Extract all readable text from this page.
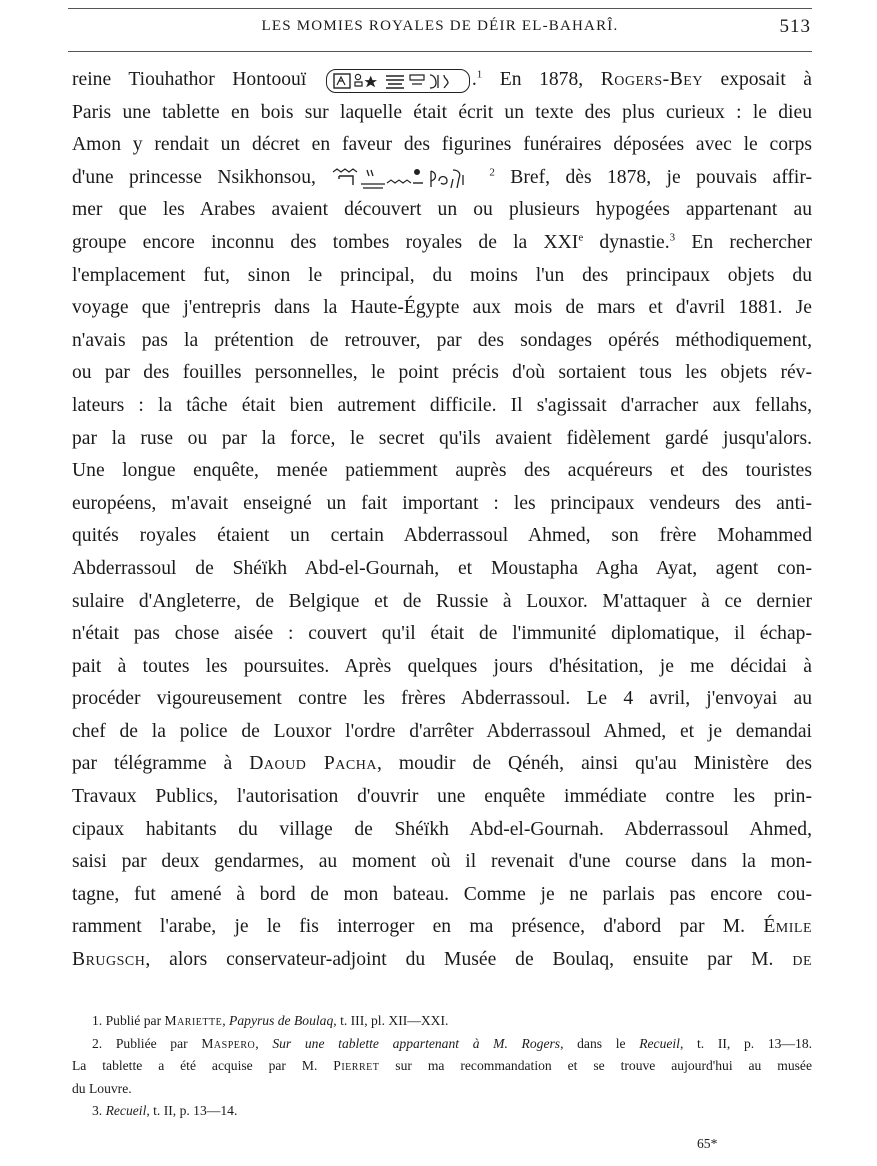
LES MOMIES ROYALES DE DÉIR EL-BAHARÎ.	513
reine Tiouhathor Hontoouï	.$^1$ En 1878, Rogers-Bey exposait à
Paris une tablette en bois sur laquelle était écrit un texte des plus curieux : le dieu
Amon y rendait un décret en faveur des figurines funéraires déposées avec le corps
d'une princesse Nsikhonsou,	$^2$ Bref, dès 1878, je pouvais affir-
mer que les Arabes avaient découvert un ou plusieurs hypogées appartenant au
groupe encore inconnu des tombes royales de la XXIe dynastie.$^3$ En rechercher
l'emplacement fut, sinon le principal, du moins l'un des principaux objets du
voyage que j'entrepris dans la Haute-Égypte aux mois de mars et d'avril 1881. Je
n'avais pas la prétention de retrouver, par des sondages opérés méthodiquement,
ou par des fouilles personnelles, le point précis d'où sortaient tous les objets rév-
lateurs : la tâche était bien autrement difficile. Il s'agissait d'arracher aux fellahs,
par la ruse ou par la force, le secret qu'ils avaient fidèlement gardé jusqu'alors.
Une longue enquête, menée patiemment auprès des acquéreurs et des touristes
européens, m'avait enseigné un fait important : les principaux vendeurs des anti-
quités royales étaient un certain Abderrassoul Ahmed, son frère Mohammed
Abderrassoul de Shéïkh Abd-el-Gournah, et Moustapha Agha Ayat, agent con-
sulaire d'Angleterre, de Belgique et de Russie à Louxor. M'attaquer à ce dernier
n'était pas chose aisée : couvert qu'il était de l'immunité diplomatique, il échap-
pait à toutes les poursuites. Après quelques jours d'hésitation, je me décidai à
procéder vigoureusement contre les frères Abderrassoul. Le 4 avril, j'envoyai au
chef de la police de Louxor l'ordre d'arrêter Abderrassoul Ahmed, et je demandai
par télégramme à Daoud Pacha, moudir de Qénéh, ainsi qu'au Ministère des
Travaux Publics, l'autorisation d'ouvrir une enquête immédiate contre les prin-
cipaux habitants du village de Shéïkh Abd-el-Gournah. Abderrassoul Ahmed,
saisi par deux gendarmes, au moment où il revenait d'une course dans la mon-
tagne, fut amené à bord de mon bateau. Comme je ne parlais pas encore cou-
ramment l'arabe, je le fis interroger en ma présence, d'abord par M. Émile
Brugsch, alors conservateur-adjoint du Musée de Boulaq, ensuite par M. de
1. Publié par Mariette, Papyrus de Boulaq, t. III, pl. XII—XXI.
2. Publiée par Maspero, Sur une tablette appartenant à M. Rogers, dans le Recueil, t. II, p. 13—18.
La tablette a été acquise par M. Pierret sur ma recommandation et se trouve aujourd'hui au musée
du Louvre.
3. Recueil, t. II, p. 13—14.
65*
